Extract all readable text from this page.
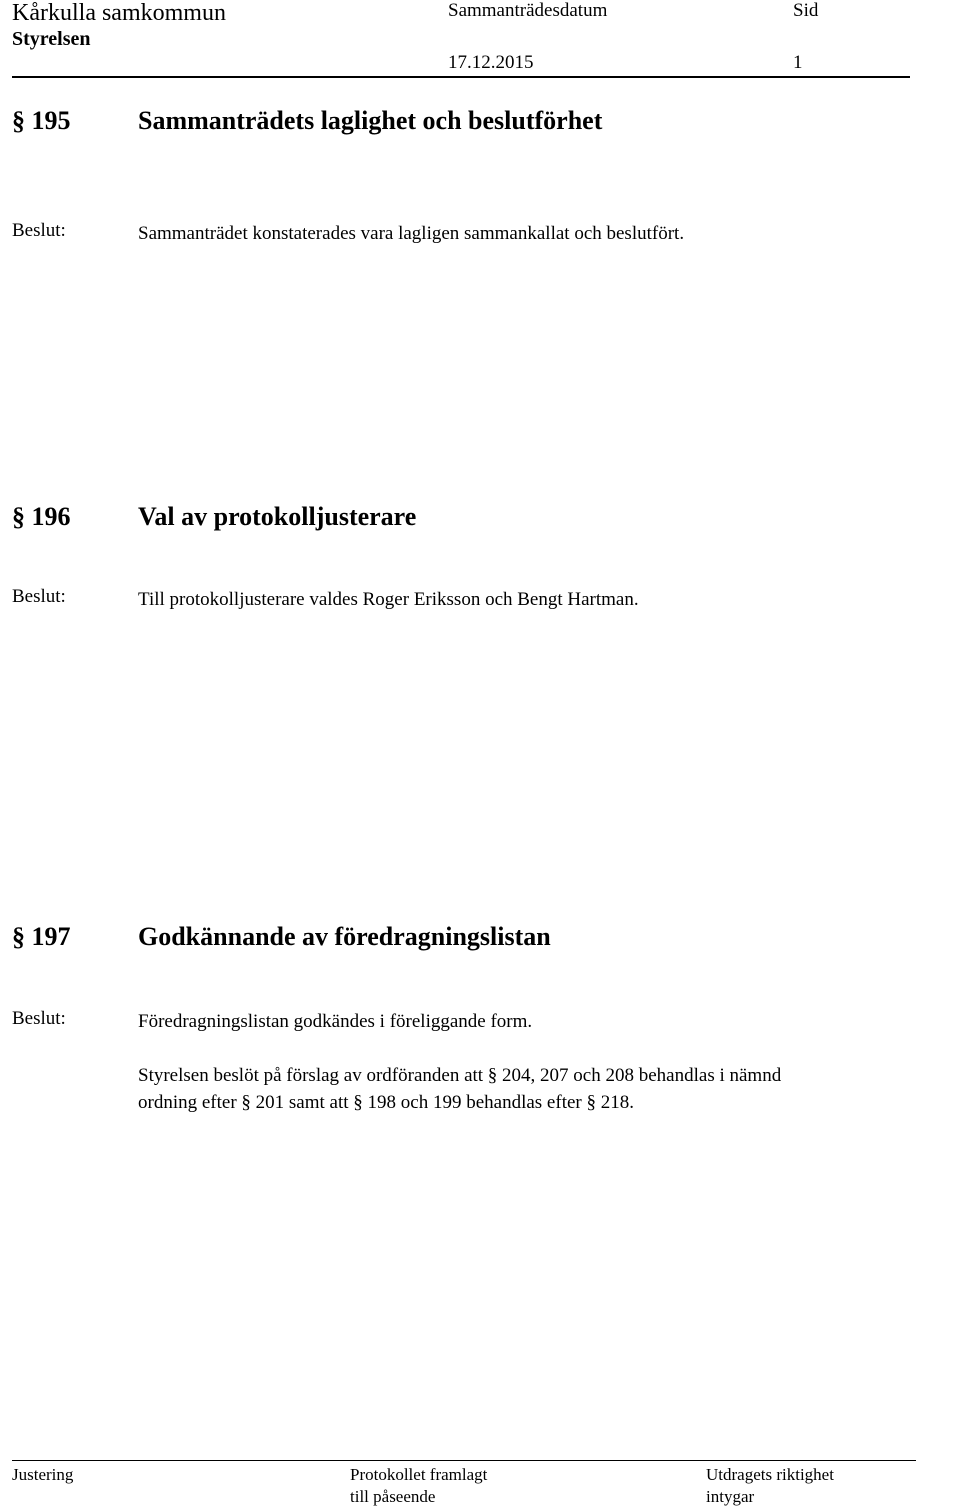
Kårkulla samkommun
Styrelsen
Sammanträdesdatum	Sid
17.12.2015	1
§ 195	Sammanträdets laglighet och beslutförhet
Beslut:	Sammanträdet konstaterades vara lagligen sammankallat och beslutfört.
§ 196	Val av protokolljusterare
Beslut:	Till protokolljusterare valdes Roger Eriksson och Bengt Hartman.
§ 197	Godkännande av föredragningslistan
Beslut:	Föredragningslistan godkändes i föreliggande form.
Styrelsen beslöt på förslag av ordföranden att § 204, 207 och 208 behandlas i nämnd
ordning efter § 201 samt att § 198 och 199 behandlas efter § 218.
Justering	Protokollet framlagt
till påseende
Utdragets riktighet
intygar
